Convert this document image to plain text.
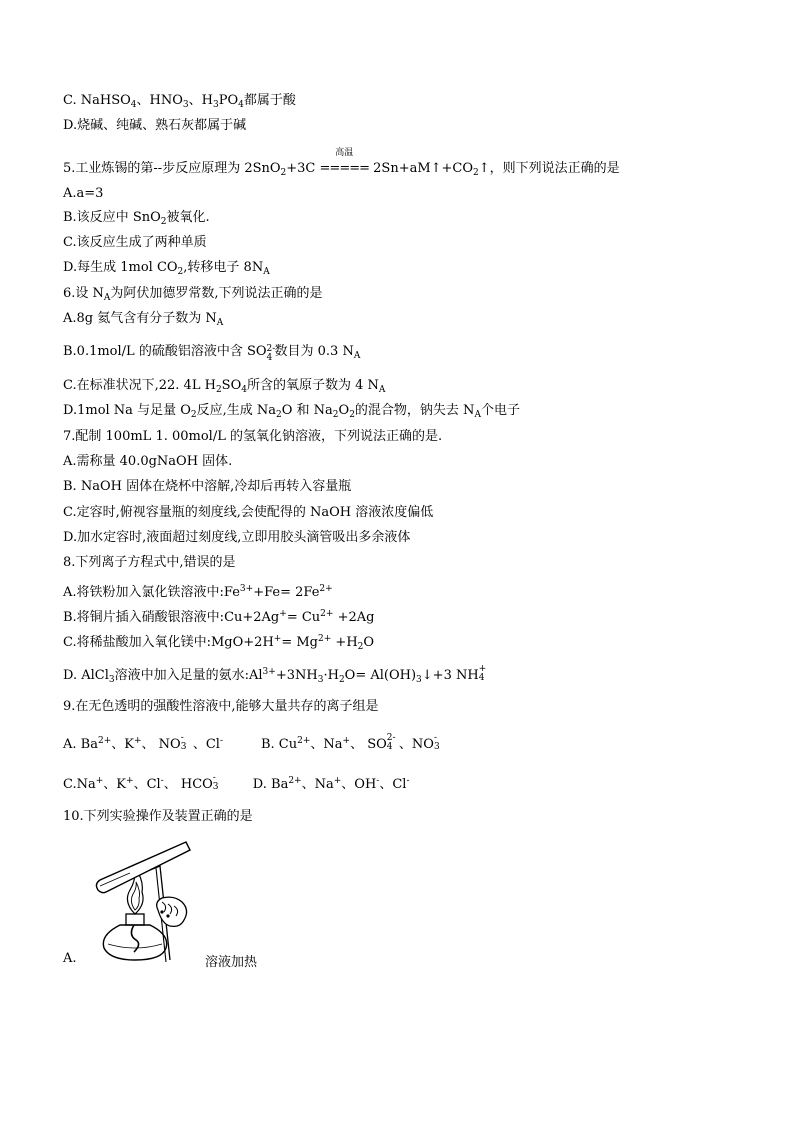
C. NaHSO$_4$、$HNO_3$、$H_3PO_4$都属于酸
D.烧碱、纯碱、熟石灰都属于碱
5.工业炼锡的第--步反应原理为 2SnO$_2$+3C
高温
===== $2Sn+aM↑+CO_2↑$，则下列说法正确的是
A.a=3
B.该反应中 SnO$_2$被氧化.
C.该反应生成了两种单质
D.每生成 1mol $CO_2$,转移电子 $8N_A$
6.设 $N_A$为阿伏加德罗常数,下列说法正确的是
A.8g 氦气含有分子数为 $N_A$
B.0.1mol/L 的硫酸铝溶液中含 SO 2-
4 数目为 0.3 $N_A$
C.在标准状况下,22. 4L $H_2SO_4$所含的氧原子数为 4 $N_A$
D.1mol Na 与足量 $O_2$反应,生成 $Na_2O$ 和 $Na_2O_2$的混合物，钠失去 $N_A$个电子
7.配制 100mL 1. 00mol/L 的氢氧化钠溶液，下列说法正确的是.
A.需称量 40.0gNaOH 固体.
B. NaOH 固体在烧杯中溶解,冷却后再转入容量瓶
C.定容时,俯视容量瓶的刻度线,会使配得的 NaOH 溶液浓度偏低
D.加水定容时,液面超过刻度线,立即用胶头滴管吸出多余液体
8.下列离子方程式中,错误的是
A.将铁粉加入氯化铁溶液中$:Fe^{3+}+Fe= 2Fe^{2+}$
B.将铜片插入硝酸银溶液中:Cu+2Ag+= $Cu^{2+} +2Ag$
C.将稀盐酸加入氧化镁中:MgO+2H+= $Mg^{2+} +H_2O$
D. AlCl$_3$溶液中加入足量的氨水$:Al^{3+}+3NH_3\cdot H_2O=$ $Al(OH)_3↓+3$ NH +
4
9.在无色透明的强酸性溶液中,能够大量共存的离子组是
A. $Ba^{2+}$、K+、 NO -
3 、Cl-	B. $Cu^{2+}$、Na+、 SO 2-
4 、NO -
3
C.Na+、K+、Cl-、 HCO -
3	D. $Ba^{2+}$、Na+、OH-、Cl-
10.下列实验操作及装置正确的是
A.	溶液加热
